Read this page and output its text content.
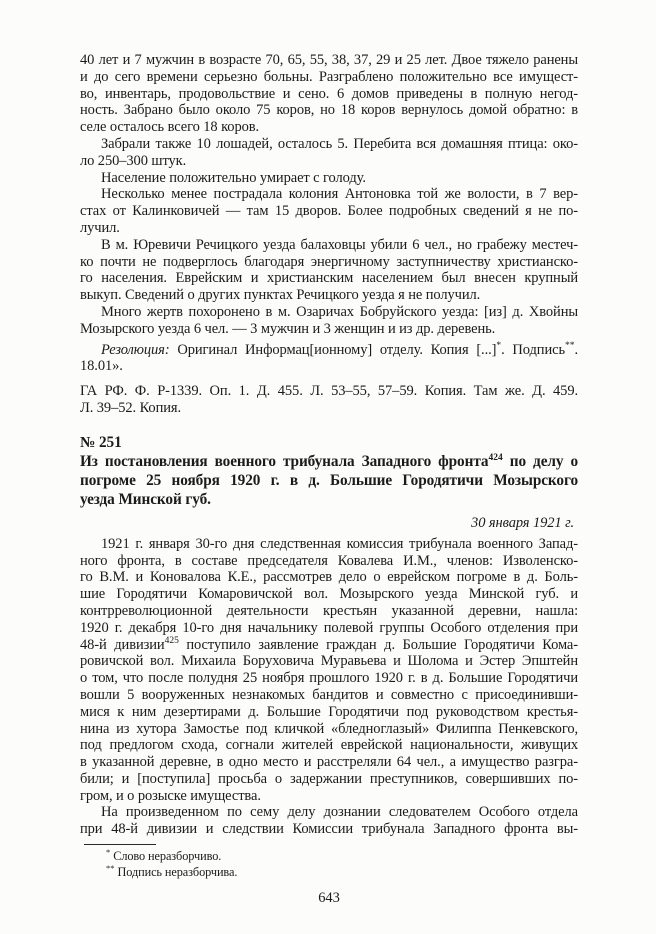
40 лет и 7 мужчин в возрасте 70, 65, 55, 38, 37, 29 и 25 лет. Двое тяжело ранены
и до сего времени серьезно больны. Разграблено положительно все имущест-
во, инвентарь, продовольствие и сено. 6 домов приведены в полную негод-
ность. Забрано было около 75 коров, но 18 коров вернулось домой обратно: в
селе осталось всего 18 коров.
Забрали также 10 лошадей, осталось 5. Перебита вся домашняя птица: око-
ло 250–300 штук.
Население положительно умирает с голоду.
Несколько менее пострадала колония Антоновка той же волости, в 7 вер-
стах от Калинковичей — там 15 дворов. Более подробных сведений я не по-
лучил.
В м. Юревичи Речицкого уезда балаховцы убили 6 чел., но грабежу местеч-
ко почти не подверглось благодаря энергичному заступничеству христианско-
го населения. Еврейским и христианским населением был внесен крупный
выкуп. Сведений о других пунктах Речицкого уезда я не получил.
Много жертв похоронено в м. Озаричах Бобруйского уезда: [из] д. Хвойны
Мозырского уезда 6 чел. — 3 мужчин и 3 женщин и из др. деревень.
Резолюция: Оригинал Информац[ионному] отделу. Копия [...]*. Подпись**.
18.01».
ГА РФ. Ф. Р-1339. Оп. 1. Д. 455. Л. 53–55, 57–59. Копия. Там же. Д. 459.
Л. 39–52. Копия.
№ 251
Из постановления военного трибунала Западного фронта$^{424}$ по делу о
погроме 25 ноября 1920 г. в д. Большие Городятичи Мозырского
уезда Минской губ.
30 января 1921 г.
1921 г. января 30-го дня следственная комиссия трибунала военного Запад-
ного фронта, в составе председателя Ковалева И.М., членов: Изволенско-
го В.М. и Коновалова К.Е., рассмотрев дело о еврейском погроме в д. Боль-
шие Городятичи Комаровичской вол. Мозырского уезда Минской губ. и
контрреволюционной деятельности крестьян указанной деревни, нашла:
1920 г. декабря 10-го дня начальнику полевой группы Особого отделения при
48-й дивизии$^{425}$ поступило заявление граждан д. Большие Городятичи Кома-
ровичской вол. Михаила Боруховича Муравьева и Шолома и Эстер Эпштейн
о том, что после полудня 25 ноября прошлого 1920 г. в д. Большие Городятичи
вошли 5 вооруженных незнакомых бандитов и совместно с присоединивши-
мися к ним дезертирами д. Большие Городятичи под руководством крестья-
нина из хутора Замостье под кличкой «бледноглазый» Филиппа Пенкевского,
под предлогом схода, согнали жителей еврейской национальности, живущих
в указанной деревне, в одно место и расстреляли 64 чел., а имущество разгра-
били; и [поступила] просьба о задержании преступников, совершивших по-
гром, и о розыске имущества.
На произведенном по сему делу дознании следователем Особого отдела
при 48-й дивизии и следствии Комиссии трибунала Западного фронта вы-
* Слово неразборчиво.
** Подпись неразборчива.
643
